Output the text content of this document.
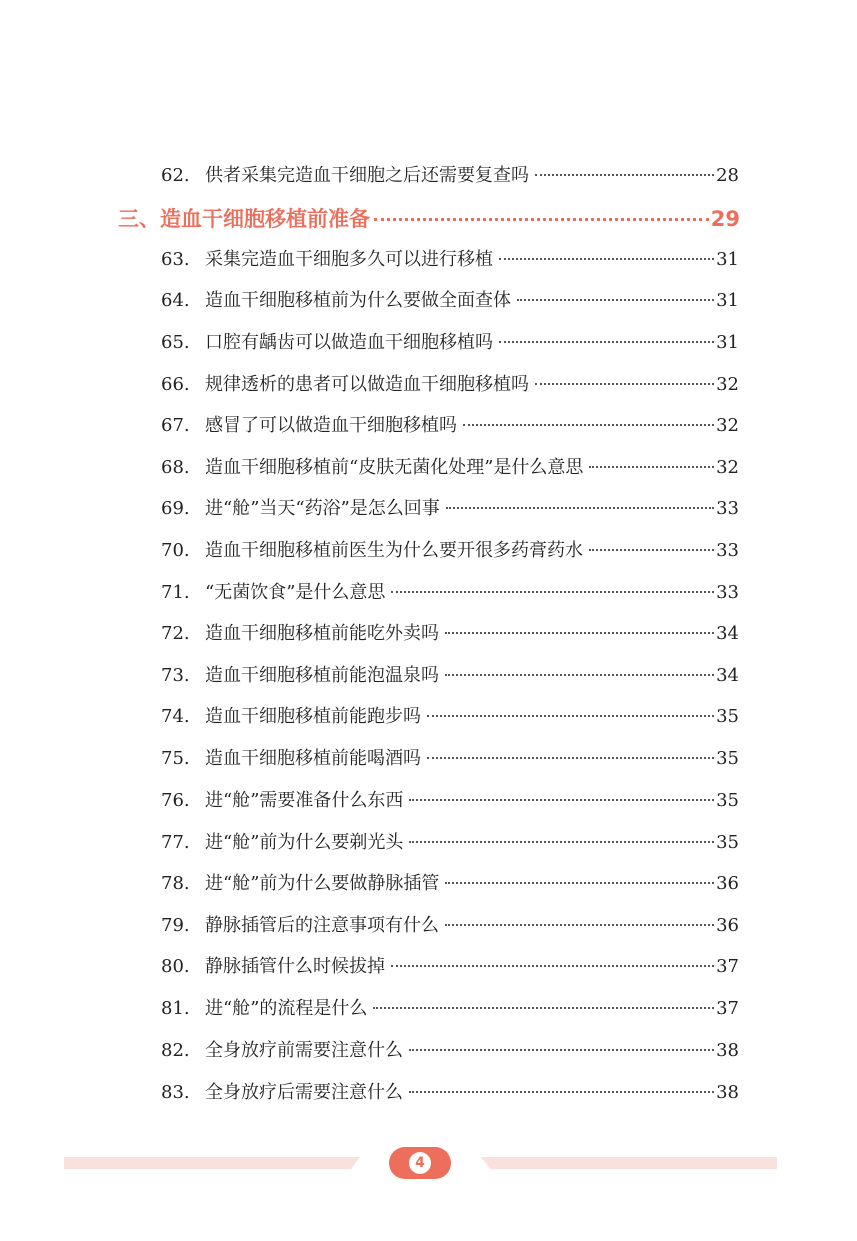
62. 供者采集完造血干细胞之后还需要复查吗	28
三、造血干细胞移植前准备	29
63. 采集完造血干细胞多久可以进行移植	31
64. 造血干细胞移植前为什么要做全面查体	31
65. 口腔有龋齿可以做造血干细胞移植吗	31
66. 规律透析的患者可以做造血干细胞移植吗	32
67. 感冒了可以做造血干细胞移植吗	32
68. 造血干细胞移植前“皮肤无菌化处理”是什么意思	32
69. 进“舱”当天“药浴”是怎么回事	33
70. 造血干细胞移植前医生为什么要开很多药膏药水	33
71. “无菌饮食”是什么意思	33
72. 造血干细胞移植前能吃外卖吗	34
73. 造血干细胞移植前能泡温泉吗	34
74. 造血干细胞移植前能跑步吗	35
75. 造血干细胞移植前能喝酒吗	35
76. 进“舱”需要准备什么东西	35
77. 进“舱”前为什么要剃光头	35
78. 进“舱”前为什么要做静脉插管	36
79. 静脉插管后的注意事项有什么	36
80. 静脉插管什么时候拔掉	37
81. 进“舱”的流程是什么	37
82. 全身放疗前需要注意什么	38
83. 全身放疗后需要注意什么	38
4
